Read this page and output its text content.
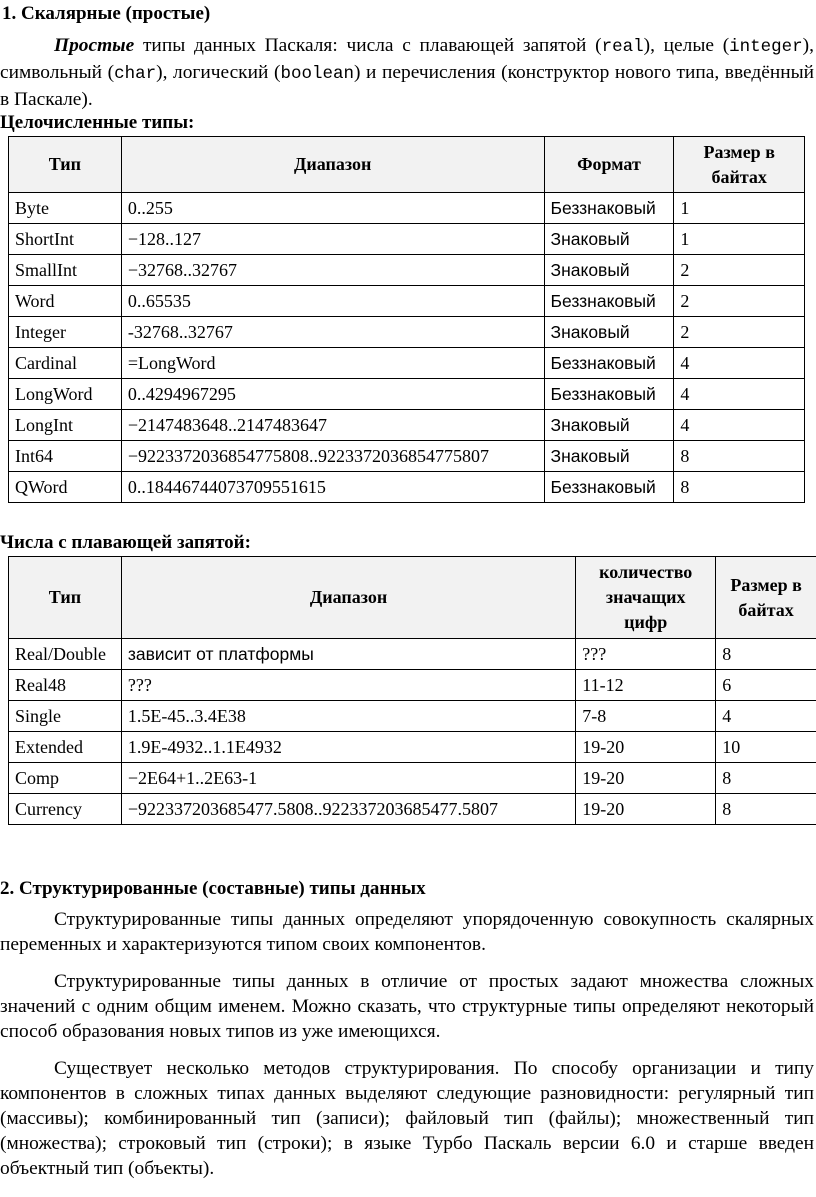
1. Скалярные (простые)

Простые типы данных Паскаля: числа с плавающей запятой (real), целые (integer), символьный (char), логический (boolean) и перечисления (конструктор нового типа, введённый в Паскале).

Целочисленные типы:
Тип	Диапазон	Формат	Размер в байтах
Byte	0..255	Беззнаковый	1
ShortInt	−128..127	Знаковый	1
SmallInt	−32768..32767	Знаковый	2
Word	0..65535	Беззнаковый	2
Integer	-32768..32767	Знаковый	2
Cardinal	=LongWord	Беззнаковый	4
LongWord	0..4294967295	Беззнаковый	4
LongInt	−2147483648..2147483647	Знаковый	4
Int64	−9223372036854775808..9223372036854775807	Знаковый	8
QWord	0..18446744073709551615	Беззнаковый	8
Числа с плавающей запятой:
Тип	Диапазон	количество значащих цифр	Размер в байтах
Real/Double	зависит от платформы	???	8
Real48	???	11-12	6
Single	1.5E-45..3.4E38	7-8	4
Extended	1.9E-4932..1.1E4932	19-20	10
Comp	−2E64+1..2E63-1	19-20	8
Currency	−922337203685477.5808..922337203685477.5807	19-20	8
2. Структурированные (составные) типы данных

Структурированные типы данных определяют упорядоченную совокупность скалярных переменных и характеризуются типом своих компонентов.

Структурированные типы данных в отличие от простых задают множества сложных значений с одним общим именем. Можно сказать, что структурные типы определяют некоторый способ образования новых типов из уже имеющихся.

Существует несколько методов структурирования. По способу организации и типу компонентов в сложных типах данных выделяют следующие разновидности: регулярный тип (массивы); комбинированный тип (записи); файловый тип (файлы); множественный тип (множества); строковый тип (строки); в языке Турбо Паскаль версии 6.0 и старше введен объектный тип (объекты).
